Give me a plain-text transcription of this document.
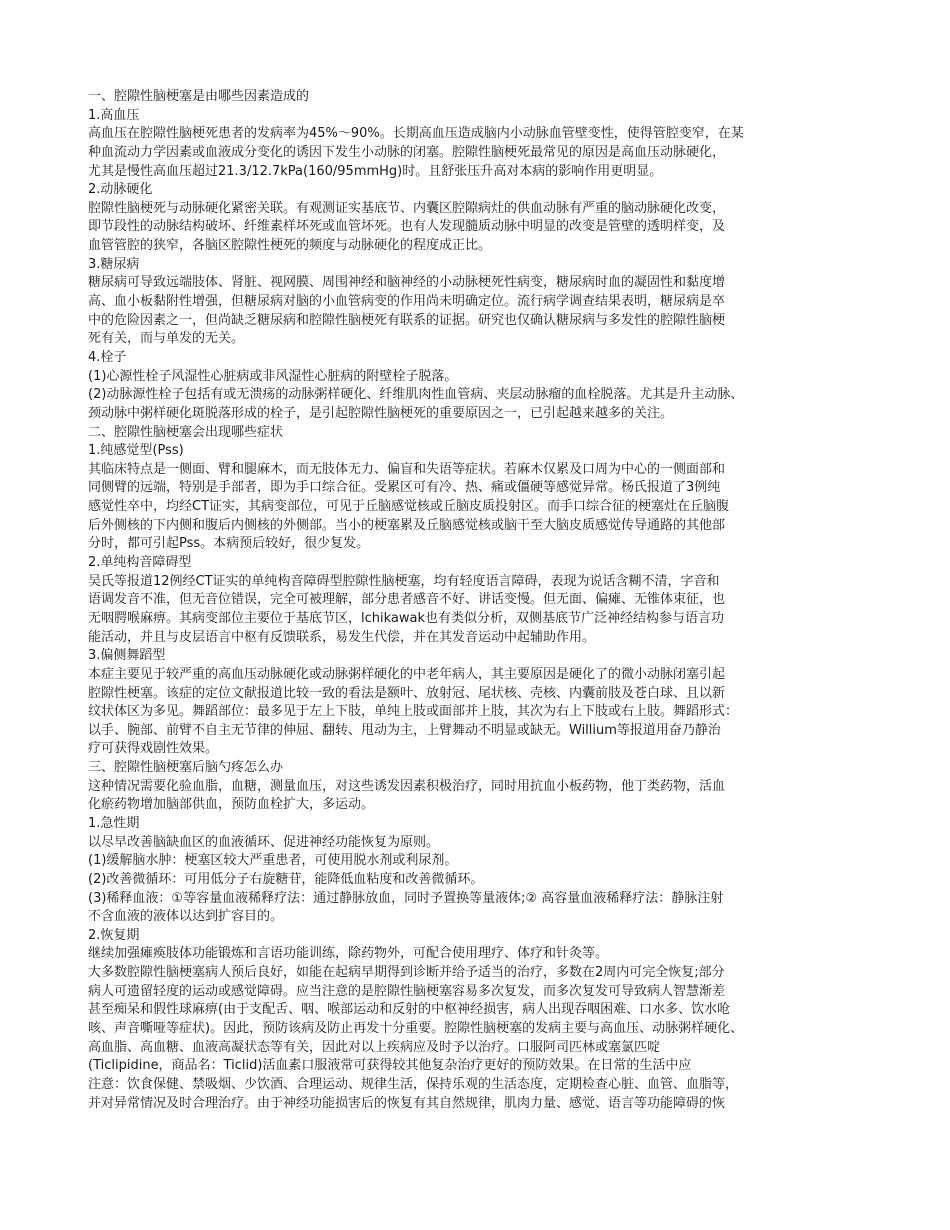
一、腔隙性脑梗塞是由哪些因素造成的
1.高血压
高血压在腔隙性脑梗死患者的发病率为45%～90%。长期高血压造成脑内小动脉血管壁变性，使得管腔变窄，在某
种血流动力学因素或血液成分变化的诱因下发生小动脉的闭塞。腔隙性脑梗死最常见的原因是高血压动脉硬化，
尤其是慢性高血压超过21.3/12.7kPa(160/95mmHg)时。且舒张压升高对本病的影响作用更明显。
2.动脉硬化
腔隙性脑梗死与动脉硬化紧密关联。有观测证实基底节、内囊区腔隙病灶的供血动脉有严重的脑动脉硬化改变，
即节段性的动脉结构破坏、纤维素样坏死或血管坏死。也有人发现髓质动脉中明显的改变是管壁的透明样变，及
血管管腔的狭窄，各脑区腔隙性梗死的频度与动脉硬化的程度成正比。
3.糖尿病
糖尿病可导致远端肢体、肾脏、视网膜、周围神经和脑神经的小动脉梗死性病变，糖尿病时血的凝固性和黏度增
高、血小板黏附性增强，但糖尿病对脑的小血管病变的作用尚未明确定位。流行病学调查结果表明，糖尿病是卒
中的危险因素之一，但尚缺乏糖尿病和腔隙性脑梗死有联系的证据。研究也仅确认糖尿病与多发性的腔隙性脑梗
死有关，而与单发的无关。
4.栓子
(1)心源性栓子风湿性心脏病或非风湿性心脏病的附壁栓子脱落。
(2)动脉源性栓子包括有或无溃疡的动脉粥样硬化、纤维肌肉性血管病、夹层动脉瘤的血栓脱落。尤其是升主动脉、
颈动脉中粥样硬化斑脱落形成的栓子，是引起腔隙性脑梗死的重要原因之一，已引起越来越多的关注。
二、腔隙性脑梗塞会出现哪些症状
1.纯感觉型(Pss)
其临床特点是一侧面、臂和腿麻木，而无肢体无力、偏盲和失语等症状。若麻木仅累及口周为中心的一侧面部和
同侧臂的远端，特别是手部者，即为手口综合征。受累区可有冷、热、痛或僵硬等感觉异常。杨氏报道了3例纯
感觉性卒中，均经CT证实，其病变部位，可见于丘脑感觉核或丘脑皮质投射区。而手口综合征的梗塞灶在丘脑腹
后外侧核的下内侧和腹后内侧核的外侧部。当小的梗塞累及丘脑感觉核或脑干至大脑皮质感觉传导通路的其他部
分时，都可引起Pss。本病预后较好，很少复发。
2.单纯构音障碍型
吴氏等报道12例经CT证实的单纯构音障碍型腔隙性脑梗塞，均有轻度语言障碍，表现为说话含糊不清，字音和
语调发音不准，但无音位错误，完全可被理解，部分患者感音不好、讲话变慢。但无面、偏瘫、无锥体束征，也
无咽腭喉麻痹。其病变部位主要位于基底节区，lchikawak也有类似分析，双侧基底节广泛神经结构参与语言功
能活动，并且与皮层语言中枢有反馈联系，易发生代偿，并在其发音运动中起辅助作用。
3.偏侧舞蹈型
本症主要见于较严重的高血压动脉硬化或动脉粥样硬化的中老年病人，其主要原因是硬化了的微小动脉闭塞引起
腔隙性梗塞。该症的定位文献报道比较一致的看法是额叶、放射冠、尾状核、壳核、内囊前肢及苍白球、且以新
纹状体区为多见。舞蹈部位：最多见于左上下肢，单纯上肢或面部并上肢，其次为右上下肢或右上肢。舞蹈形式：
以手、腕部、前臂不自主无节律的伸屈、翻转、甩动为主，上臂舞动不明显或缺无。Willium等报道用奋乃静治
疗可获得戏剧性效果。
三、腔隙性脑梗塞后脑勺疼怎么办
这种情况需要化验血脂，血糖，测量血压，对这些诱发因素积极治疗，同时用抗血小板药物，他丁类药物，活血
化瘀药物增加脑部供血，预防血栓扩大，多运动。
1.急性期
以尽早改善脑缺血区的血液循环、促进神经功能恢复为原则。
(1)缓解脑水肿：梗塞区较大严重患者，可使用脱水剂或利尿剂。
(2)改善微循环：可用低分子右旋糖苷，能降低血粘度和改善微循环。
(3)稀释血液：①等容量血液稀释疗法：通过静脉放血，同时予置换等量液体;② 高容量血液稀释疗法：静脉注射
不含血液的液体以达到扩容目的。
2.恢复期
继续加强瘫痪肢体功能锻炼和言语功能训练，除药物外，可配合使用理疗、体疗和针灸等。
大多数腔隙性脑梗塞病人预后良好，如能在起病早期得到诊断并给予适当的治疗，多数在2周内可完全恢复;部分
病人可遗留轻度的运动或感觉障碍。应当注意的是腔隙性脑梗塞容易多次复发，而多次复发可导致病人智慧渐差
甚至痴呆和假性球麻痹(由于支配舌、咽、喉部运动和反射的中枢神经损害，病人出现吞咽困难、口水多、饮水呛
咳、声音嘶哑等症状)。因此，预防该病及防止再发十分重要。腔隙性脑梗塞的发病主要与高血压、动脉粥样硬化、
高血脂、高血糖、血液高凝状态等有关，因此对以上疾病应及时予以治疗。口服阿司匹林或塞氯匹啶
(Ticlipidine，商品名：Ticlid)活血素口服液常可获得较其他复杂治疗更好的预防效果。在日常的生活中应
注意：饮食保健、禁吸烟、少饮酒、合理运动、规律生活，保持乐观的生活态度，定期检查心脏、血管、血脂等，
并对异常情况及时合理治疗。由于神经功能损害后的恢复有其自然规律，肌肉力量、感觉、语言等功能障碍的恢
